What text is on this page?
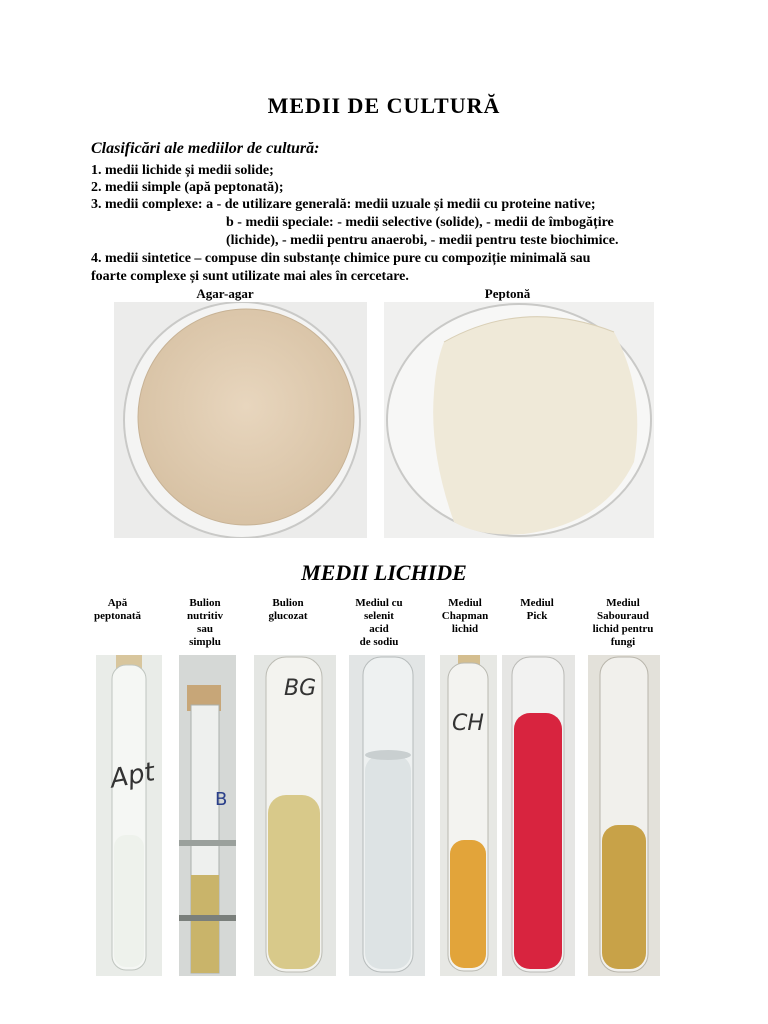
MEDII DE CULTURĂ
Clasificări ale mediilor de cultură:
1. medii lichide și medii solide;
2. medii simple (apă peptonată);
3. medii complexe: a - de utilizare generală: medii uzuale și medii cu proteine native;
b - medii speciale: - medii selective (solide), - medii de îmbogățire
(lichide), - medii pentru anaerobi, - medii pentru teste biochimice.
4. medii sintetice – compuse din substanțe chimice pure cu compoziție minimală sau
foarte complexe și sunt utilizate mai ales în cercetare.
Agar-agar	Peptonă
MEDII LICHIDE
Apă
peptonată
Bulion
nutritiv
sau
simplu
Bulion
glucozat
Mediul cu
selenit
acid
de sodiu
Mediul
Chapman
lichid
Mediul
Pick
Mediul
Sabouraud
lichid pentru
fungi
Apt
B
BG
CH
